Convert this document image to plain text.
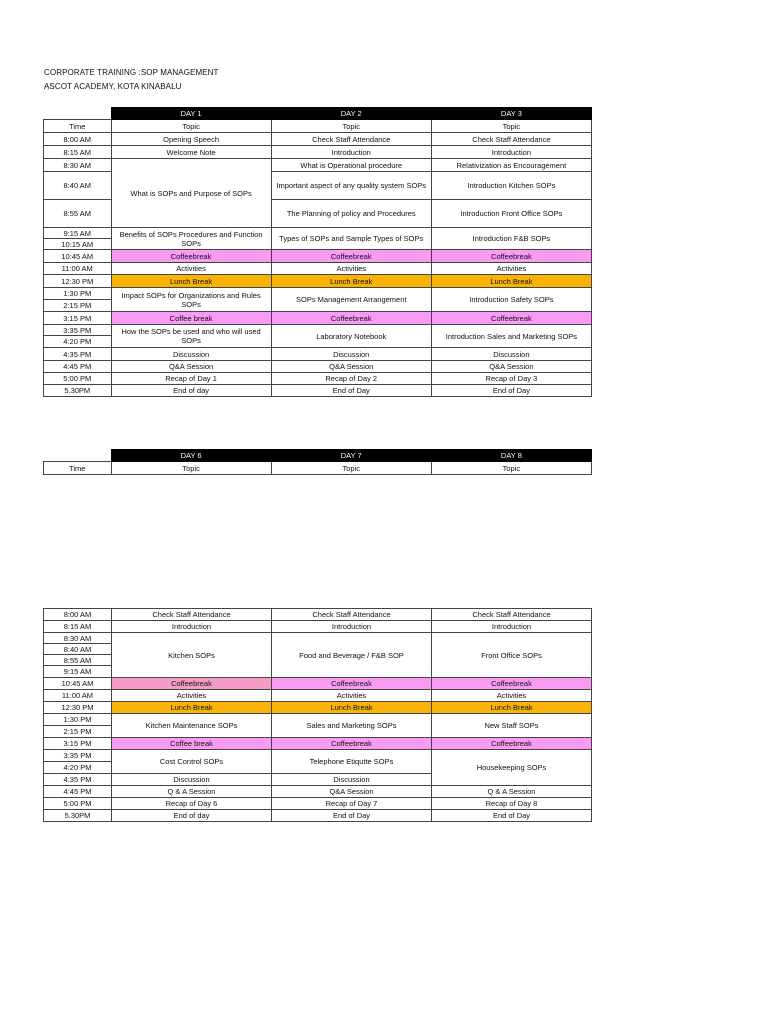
CORPORATE TRAINING :SOP MANAGEMENT
ASCOT ACADEMY, KOTA KINABALU
	DAY 1	DAY 2	DAY 3
Time	Topic	Topic	Topic
8:00 AM	Opening Speech	Check Staff Attendance	Check Staff Attendance
8:15 AM	Welcome Note	Introduction	Introduction
8:30 AM	What is SOPs and Purpose of SOPs	What is Operational procedure	Relativization as Encouragement
8:40 AM		Important aspect of any quality system SOPs	Introduction Kitchen SOPs
8:55 AM		The Planning of policy and Procedures	Introduction Front Office SOPs
9:15 AM	Benefits of SOPs Procedures and Function SOPs	Types of SOPs and Sample Types of SOPs	Introduction F&B SOPs
10:15 AM			
10:45 AM	Coffeebreak	Coffeebreak	Coffeebreak
11:00 AM	Activities	Activities	Activities
12:30 PM	Lunch Break	Lunch Break	Lunch Break
1:30 PM	Impact SOPs for Organizations and Rules SOPs	SOPs Management Arrangement	Introduction Safety SOPs
2:15 PM			
3:15 PM	Coffee break	Coffeebreak	Coffeebreak
3:35 PM	How the SOPs be used and who will used SOPs	Laboratory Notebook	Introduction Sales and Marketing SOPs
4:20 PM			
4:35 PM	Discussion	Discussion	Discussion
4:45 PM	Q&A Session	Q&A Session	Q&A Session
5:00 PM	Recap of Day 1	Recap of Day 2	Recap of Day 3
5.30PM	End of day	End of Day	End of Day
	DAY 6	DAY 7	DAY 8
Time	Topic	Topic	Topic
8:00 AM	Check Staff Attendance	Check Staff Attendance	Check Staff Attendance
8:15 AM	Introduction	Introduction	Introduction
8:30 AM	Kitchen SOPs	Food and Beverage / F&B SOP	Front Office SOPs
8:40 AM			
8:55 AM			
9:15 AM			
10:45 AM	Coffeebreak	Coffeebreak	Coffeebreak
11:00 AM	Activities	Activities	Activities
12:30 PM	Lunch Break	Lunch Break	Lunch Break
1:30 PM	Kitchen Maintenance SOPs	Sales and Marketing SOPs	New Staff SOPs
2:15 PM			
3:15 PM	Coffee break	Coffeebreak	Coffeebreak
3:35 PM	Cost Control SOPs	Telephone Etiqutte SOPs	Housekeeping SOPs
4:20 PM			
4:35 PM	Discussion	Discussion	
4:45 PM	Q & A Session	Q&A Session	Q & A Session
5:00 PM	Recap of Day 6	Recap of Day 7	Recap of Day 8
5.30PM	End of day	End of Day	End of Day
